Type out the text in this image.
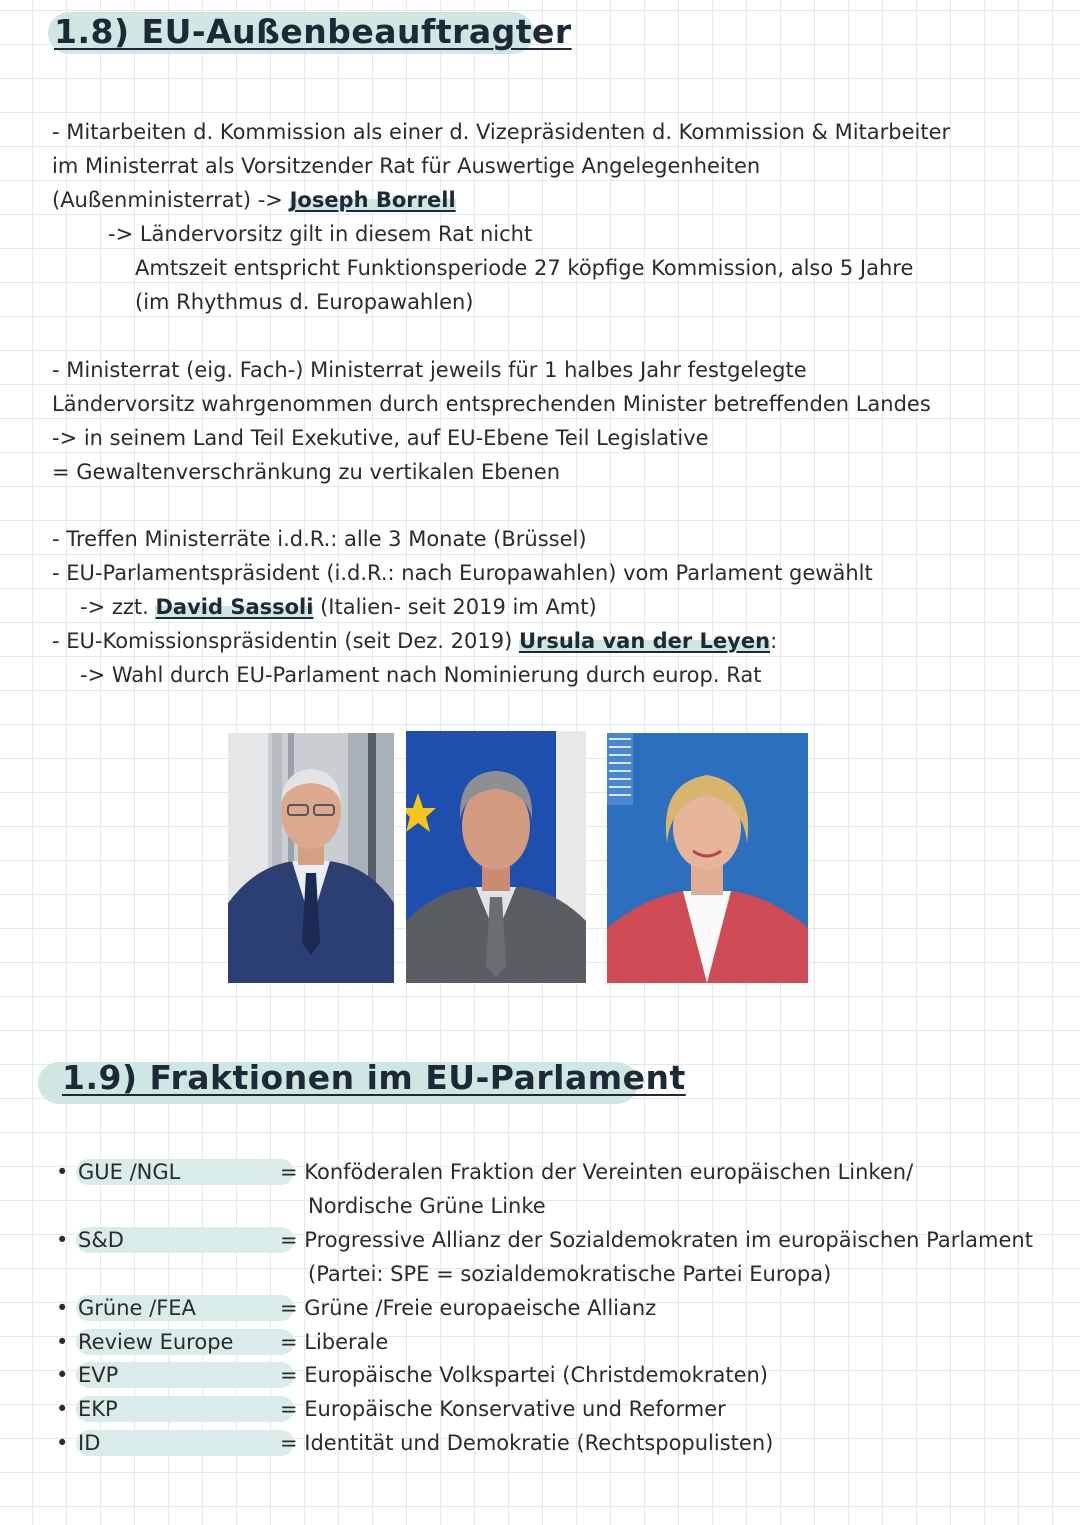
1.8) EU-Außenbeauftragter
- Mitarbeiten d. Kommission als einer d. Vizepräsidenten d. Kommission & Mitarbeiter
im Ministerrat als Vorsitzender Rat für Auswertige Angelegenheiten
(Außenministerrat) -> Joseph Borrell
-> Ländervorsitz gilt in diesem Rat nicht
Amtszeit entspricht Funktionsperiode 27 köpfige Kommission, also 5 Jahre
(im Rhythmus d. Europawahlen)
- Ministerrat (eig. Fach-) Ministerrat jeweils für 1 halbes Jahr festgelegte
Ländervorsitz wahrgenommen durch entsprechenden Minister betreffenden Landes
-> in seinem Land Teil Exekutive, auf EU-Ebene Teil Legislative
= Gewaltenverschränkung zu vertikalen Ebenen
- Treffen Ministerräte i.d.R.: alle 3 Monate (Brüssel)
- EU-Parlamentspräsident (i.d.R.: nach Europawahlen) vom Parlament gewählt
-> zzt. David Sassoli (Italien- seit 2019 im Amt)
- EU-Komissionspräsidentin (seit Dez. 2019) Ursula van der Leyen:
-> Wahl durch EU-Parlament nach Nominierung durch europ. Rat
1.9) Fraktionen im EU-Parlament
• GUE /NGL	= Konföderalen Fraktion der Vereinten europäischen Linken/
Nordische Grüne Linke
• S&D	= Progressive Allianz der Sozialdemokraten im europäischen Parlament
(Partei: SPE = sozialdemokratische Partei Europa)
• Grüne /FEA	= Grüne /Freie europaeische Allianz
• Review Europe = Liberale
• EVP	= Europäische Volkspartei (Christdemokraten)
• EKP	= Europäische Konservative und Reformer
• ID	= Identität und Demokratie (Rechtspopulisten)
